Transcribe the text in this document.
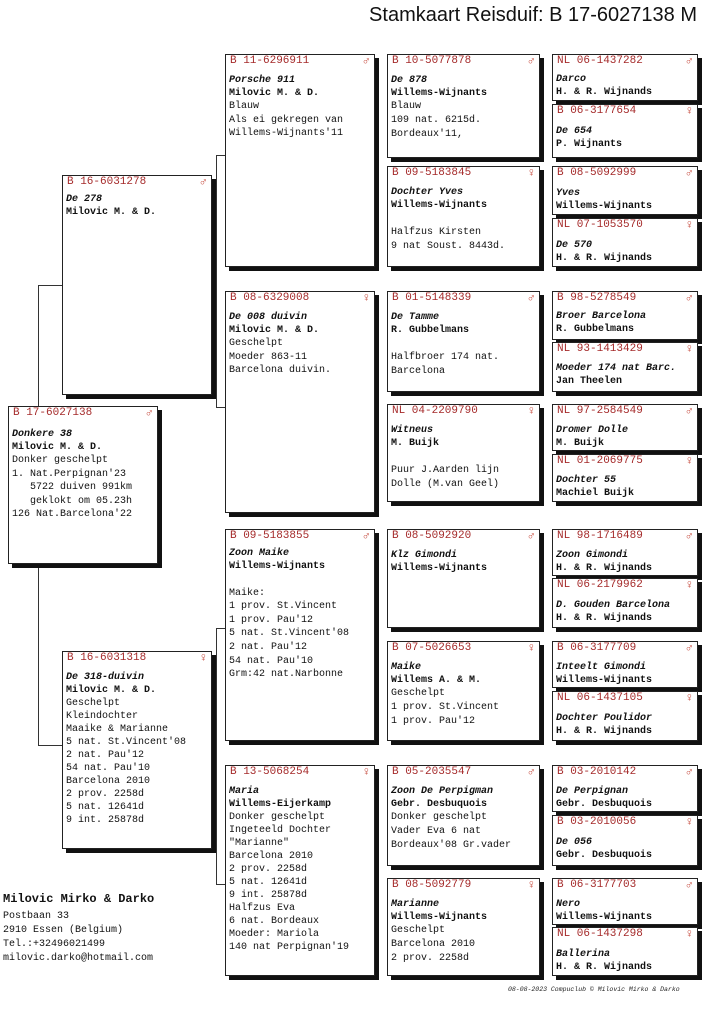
Stamkaart Reisduif: B 17-6027138 M
B 17-6027138	♂
Donkere 38
Milovic M. & D.
Donker geschelpt
1. Nat.Perpignan'23
5722 duiven 991km
geklokt om 05.23h
126 Nat.Barcelona'22
B 16-6031278	♂
De 278
Milovic M. & D.
B 16-6031318	♀
De 318-duivin
Milovic M. & D.
Geschelpt
Kleindochter
Maaike & Marianne
5 nat. St.Vincent'08
2 nat. Pau'12
54 nat. Pau'10
Barcelona 2010
2 prov. 2258d
5 nat. 12641d
9 int. 25878d
B 11-6296911	♂
Porsche 911
Milovic M. & D.
Blauw
Als ei gekregen van
Willems-Wijnants'11
B 08-6329008	♀
De 008 duivin
Milovic M. & D.
Geschelpt
Moeder 863-11
Barcelona duivin.
B 09-5183855	♂
Zoon Maike
Willems-Wijnants

Maike:
1 prov. St.Vincent
1 prov. Pau'12
5 nat. St.Vincent'08
2 nat. Pau'12
54 nat. Pau'10
Grm:42 nat.Narbonne
B 13-5068254	♀
Maria
Willems-Eijerkamp
Donker geschelpt
Ingeteeld Dochter
"Marianne"
Barcelona 2010
2 prov. 2258d
5 nat. 12641d
9 int. 25878d
Halfzus Eva
6 nat. Bordeaux
Moeder: Mariola
140 nat Perpignan'19
B 10-5077878	♂
De 878
Willems-Wijnants
Blauw
109 nat. 6215d.
Bordeaux'11,
B 09-5183845	♀
Dochter Yves
Willems-Wijnants

Halfzus Kirsten
9 nat Soust. 8443d.
B 01-5148339	♂
De Tamme
R. Gubbelmans

Halfbroer 174 nat.
Barcelona
NL 04-2209790	♀
Witneus
M. Buijk

Puur J.Aarden lijn
Dolle (M.van Geel)
B 08-5092920	♂
Klz Gimondi
Willems-Wijnants
B 07-5026653	♀
Maike
Willems A. & M.
Geschelpt
1 prov. St.Vincent
1 prov. Pau'12
B 05-2035547	♂
Zoon De Perpigman
Gebr. Desbuquois
Donker geschelpt
Vader Eva 6 nat
Bordeaux'08 Gr.vader
B 08-5092779	♀
Marianne
Willems-Wijnants
Geschelpt
Barcelona 2010
2 prov. 2258d
NL 06-1437282	♂
Darco
H. & R. Wijnands
B 06-3177654	♀
De 654
P. Wijnants
B 08-5092999	♂
Yves
Willems-Wijnants
NL 07-1053570	♀
De 570
H. & R. Wijnands
B 98-5278549	♂
Broer Barcelona
R. Gubbelmans
NL 93-1413429	♀
Moeder 174 nat Barc.
Jan Theelen
NL 97-2584549	♂
Dromer Dolle
M. Buijk
NL 01-2069775	♀
Dochter 55
Machiel Buijk
NL 98-1716489	♂
Zoon Gimondi
H. & R. Wijnands
NL 06-2179962	♀
D. Gouden Barcelona
H. & R. Wijnands
B 06-3177709	♂
Inteelt Gimondi
Willems-Wijnants
NL 06-1437105	♀
Dochter Poulidor
H. & R. Wijnands
B 03-2010142	♂
De Perpignan
Gebr. Desbuquois
B 03-2010056	♀
De 056
Gebr. Desbuquois
B 06-3177703	♂
Nero
Willems-Wijnants
NL 06-1437298	♀
Ballerina
H. & R. Wijnands
Milovic Mirko & Darko
Postbaan 33
2910 Essen (Belgium)
Tel.:+32496021499
milovic.darko@hotmail.com
08-08-2023 Compuclub © Milovic Mirko & Darko
